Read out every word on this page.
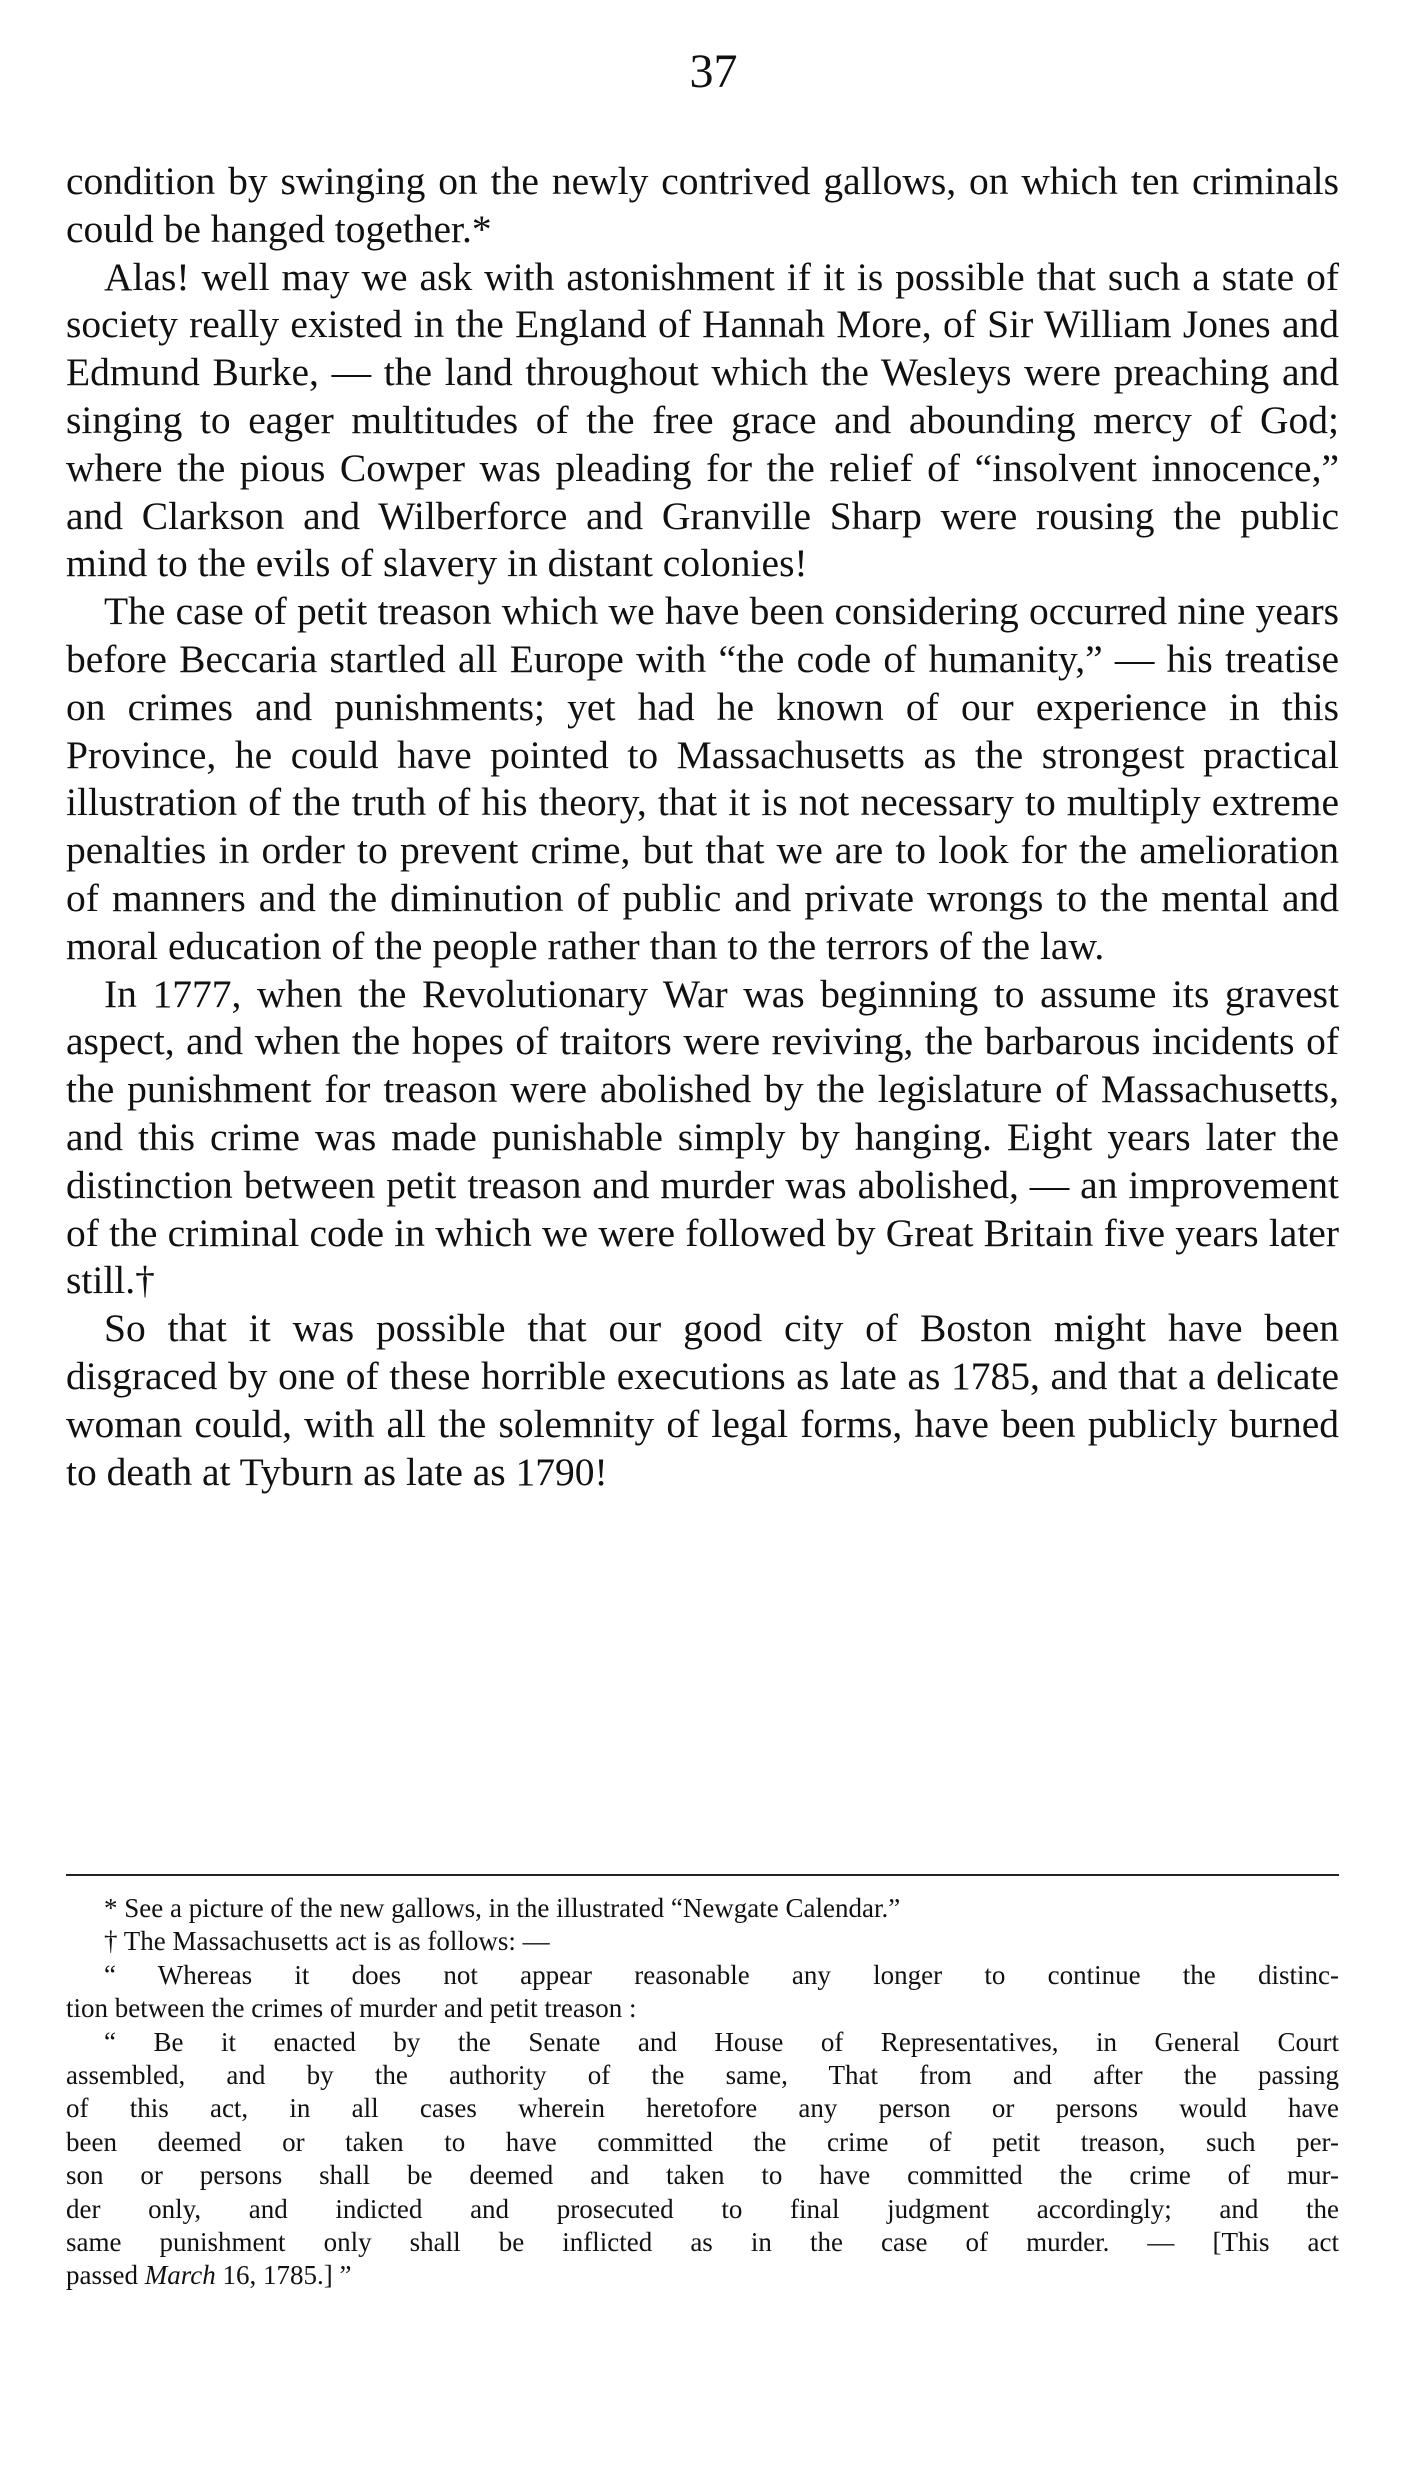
37

condition by swinging on the newly contrived gallows, on which ten criminals could be hanged together.*

Alas! well may we ask with astonishment if it is possible that such a state of society really existed in the England of Hannah More, of Sir William Jones and Edmund Burke, — the land throughout which the Wesleys were preaching and singing to eager multitudes of the free grace and abounding mercy of God; where the pious Cowper was pleading for the relief of “insolvent innocence,” and Clarkson and Wilberforce and Granville Sharp were rousing the public mind to the evils of slavery in distant colonies!

The case of petit treason which we have been considering occurred nine years before Beccaria startled all Europe with “the code of humanity,” — his treatise on crimes and punishments; yet had he known of our experience in this Province, he could have pointed to Massachusetts as the strongest practical illustration of the truth of his theory, that it is not necessary to multiply extreme penalties in order to prevent crime, but that we are to look for the amelioration of manners and the diminution of public and private wrongs to the mental and moral education of the people rather than to the terrors of the law.

In 1777, when the Revolutionary War was beginning to assume its gravest aspect, and when the hopes of traitors were reviving, the barbarous incidents of the punishment for treason were abolished by the legislature of Massachusetts, and this crime was made punishable simply by hanging. Eight years later the distinction between petit treason and murder was abolished, — an improvement of the criminal code in which we were followed by Great Britain five years later still.†

So that it was possible that our good city of Boston might have been disgraced by one of these horrible executions as late as 1785, and that a delicate woman could, with all the solemnity of legal forms, have been publicly burned to death at Tyburn as late as 1790!

* See a picture of the new gallows, in the illustrated “Newgate Calendar.”

† The Massachusetts act is as follows: —

“ Whereas it does not appear reasonable any longer to continue the distinc-
tion between the crimes of murder and petit treason :
“ Be it enacted by the Senate and House of Representatives, in General Court
assembled, and by the authority of the same, That from and after the passing
of this act, in all cases wherein heretofore any person or persons would have
been deemed or taken to have committed the crime of petit treason, such per-
son or persons shall be deemed and taken to have committed the crime of mur-
der only, and indicted and prosecuted to final judgment accordingly; and the
same punishment only shall be inflicted as in the case of murder. — [This act
passed March 16, 1785.] ”
